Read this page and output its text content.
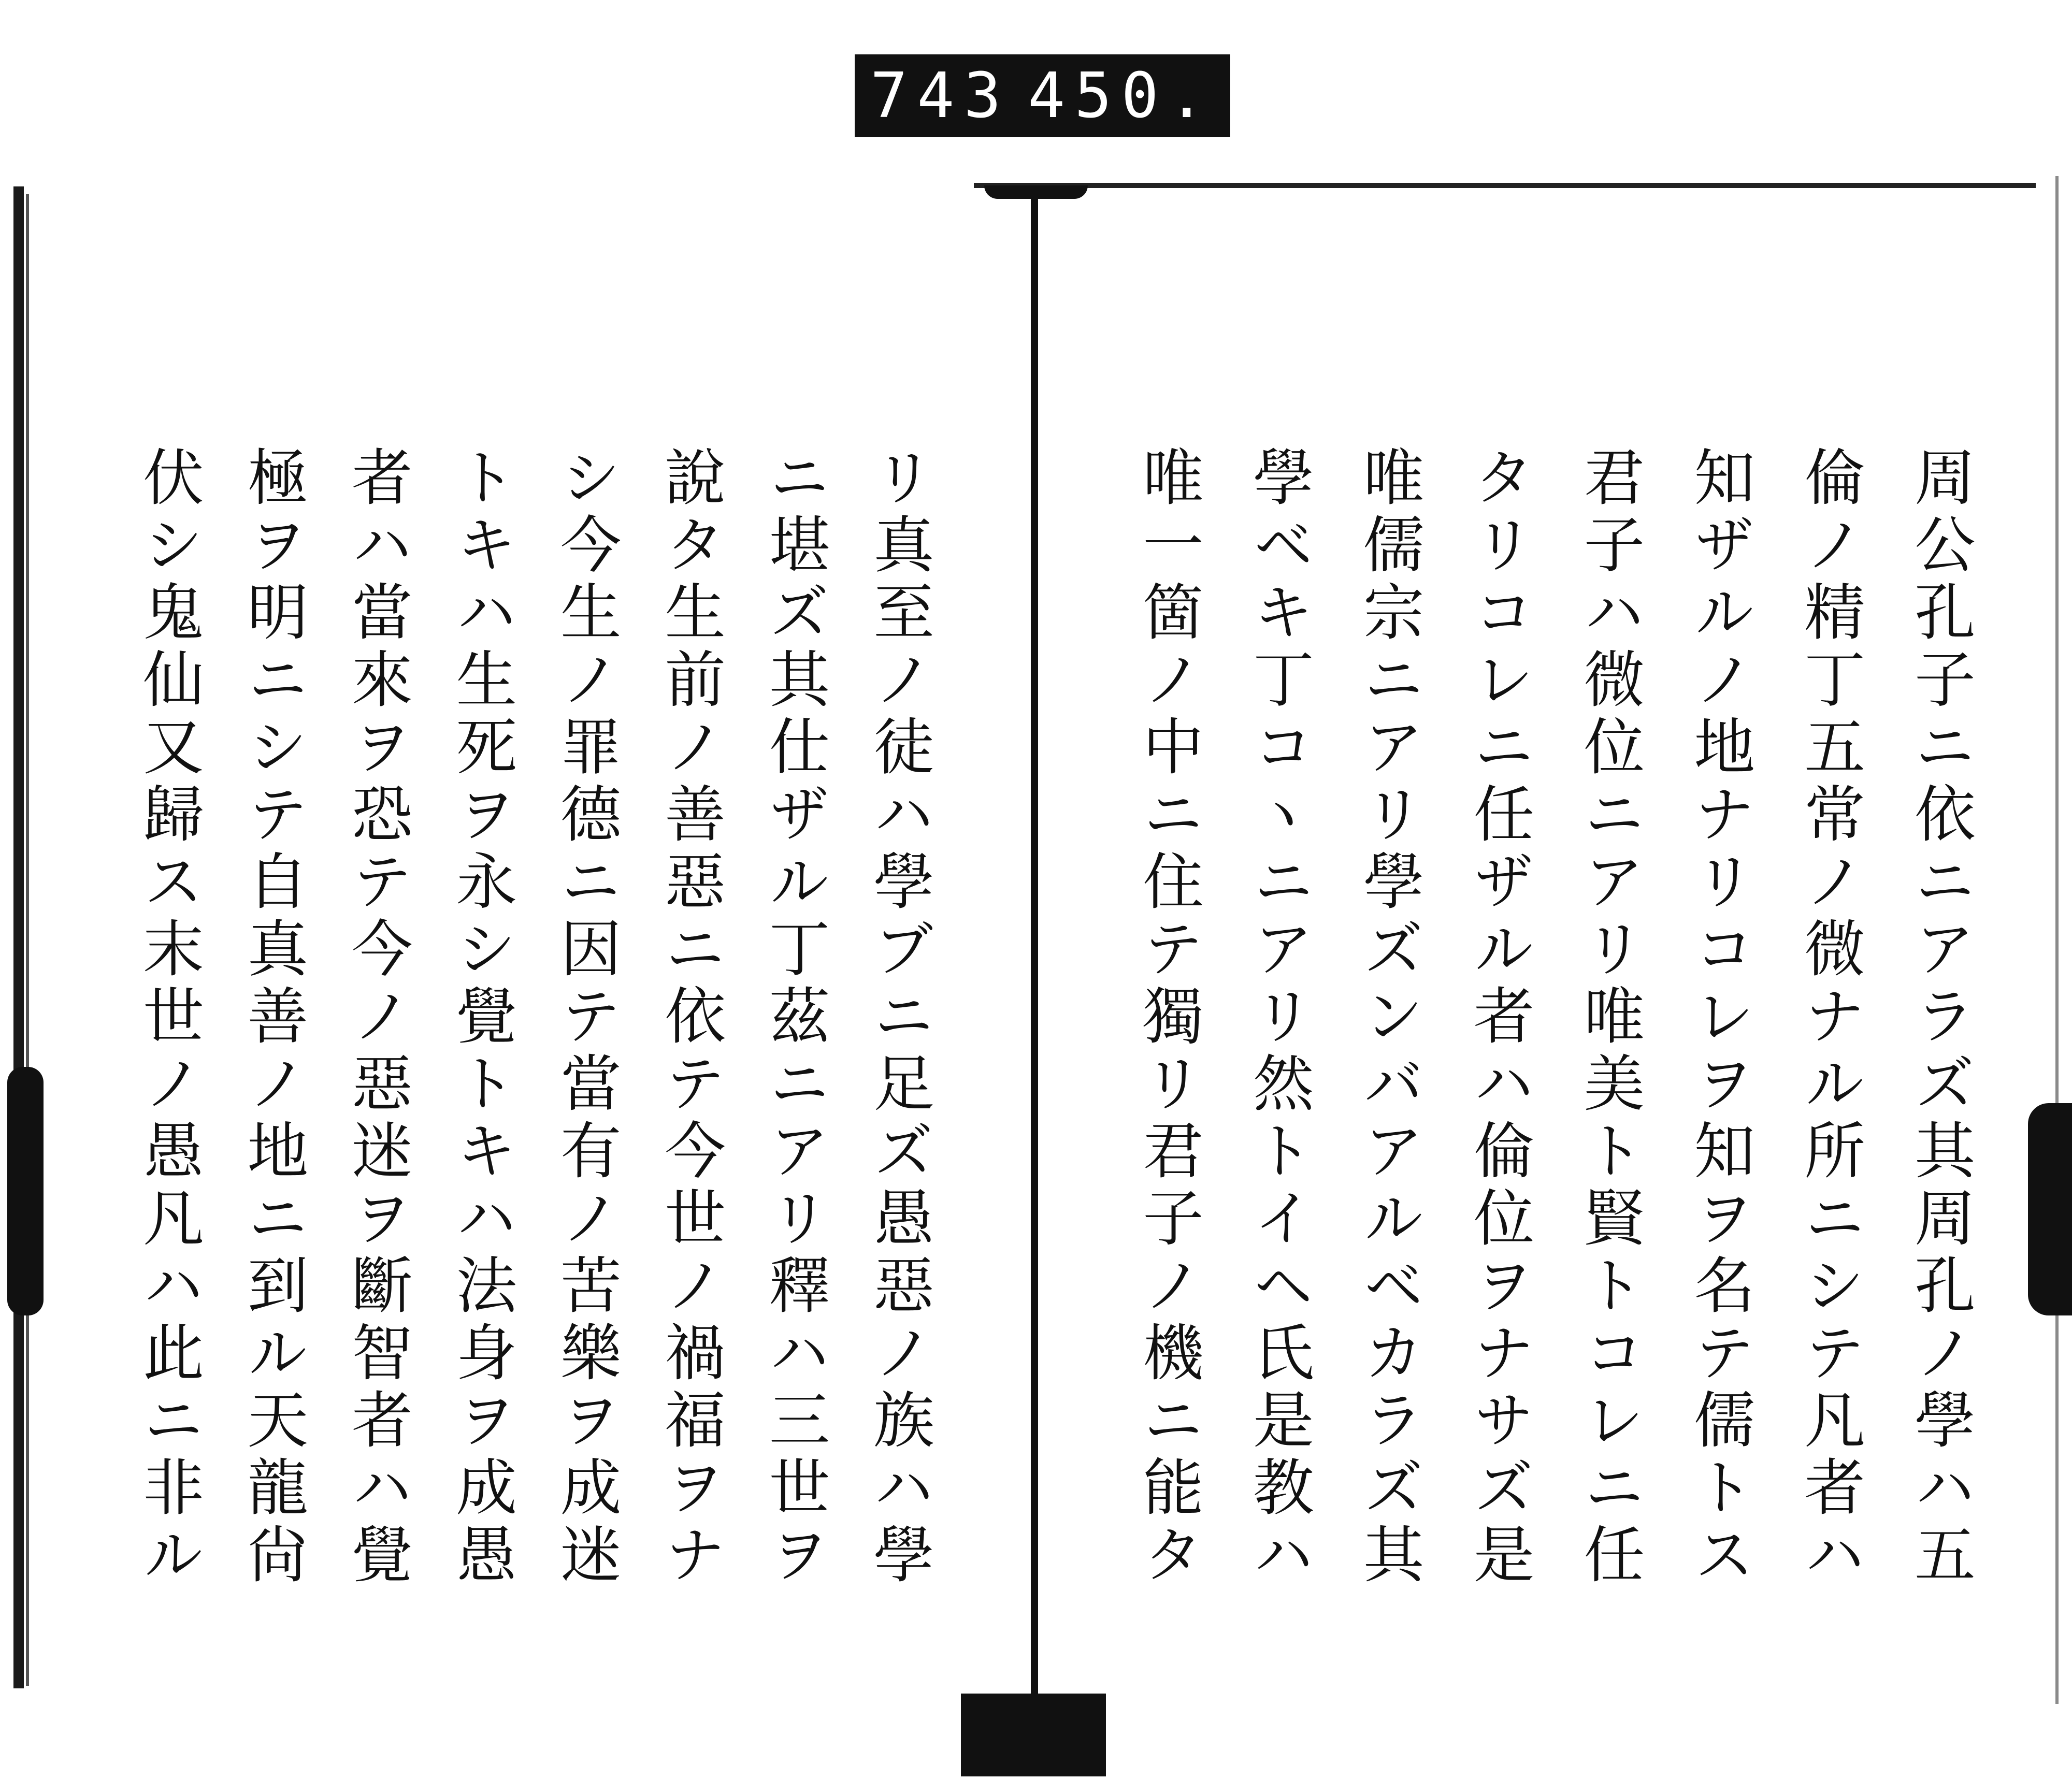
743 450.
周公孔子ニ依ニアラズ其周孔ノ學ハ五
倫ノ精丁五常ノ微ナル所ニシテ凡者ハ
知ザルノ地ナリコレヲ知ヲ名テ儒トス
君子ハ微位ニアリ唯美ト賢トコレニ任
タリコレニ任ザル者ハ倫位ヲナサズ是
唯儒宗ニアリ學ズンバアルベカラズ其
學ベキ丁コヽニアリ然トイヘ氏是教ハ
唯一箇ノ中ニ住テ獨リ君子ノ機ニ能タ
リ真至ノ徒ハ學ブニ足ズ愚惡ノ族ハ學
ニ堪ズ其仕ザル丁茲ニアリ釋ハ三世ヲ
說タ生前ノ善惡ニ依テ今世ノ禍福ヲナ
シ今生ノ罪德ニ因テ當有ノ苦樂ヲ成迷
トキハ生死ヲ永シ覺トキハ法身ヲ成愚
者ハ當來ヲ恐テ今ノ惡迷ヲ斷智者ハ覺
極ヲ明ニシテ自真善ノ地ニ到ル天龍尙
伏シ鬼仙又歸ス末世ノ愚凡ハ此ニ非ル
